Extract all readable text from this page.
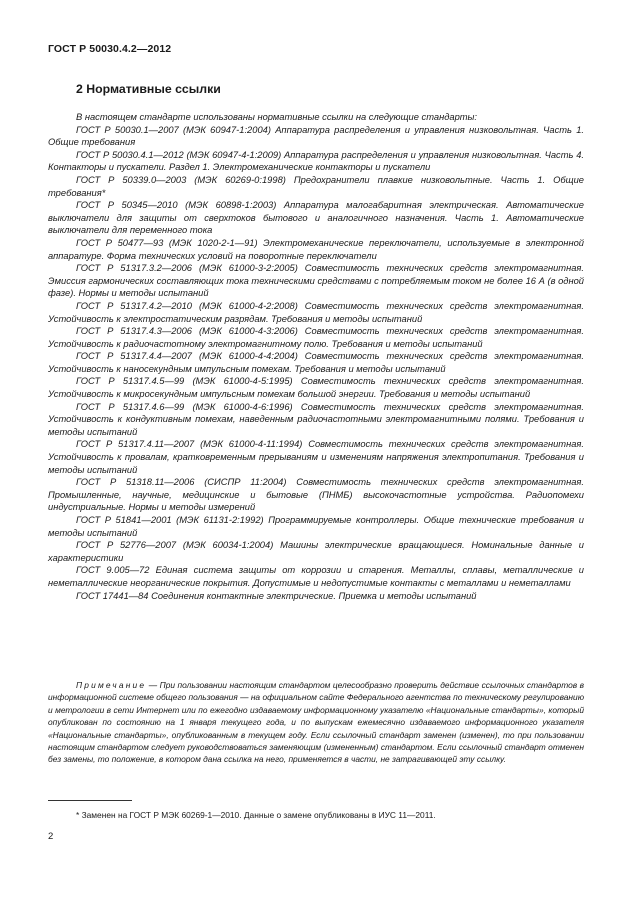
ГОСТ Р 50030.4.2—2012
2 Нормативные ссылки

В настоящем стандарте использованы нормативные ссылки на следующие стандарты:

ГОСТ Р 50030.1—2007 (МЭК 60947-1:2004) Аппаратура распределения и управления низковольтная. Часть 1. Общие требования

ГОСТ Р 50030.4.1—2012 (МЭК 60947-4-1:2009) Аппаратура распределения и управления низковольтная. Часть 4. Контакторы и пускатели. Раздел 1. Электромеханические контакторы и пускатели

ГОСТ Р 50339.0—2003 (МЭК 60269-0:1998) Предохранители плавкие низковольтные. Часть 1. Общие требования*

ГОСТ Р 50345—2010 (МЭК 60898-1:2003) Аппаратура малогабаритная электрическая. Автоматические выключатели для защиты от сверхтоков бытового и аналогичного назначения. Часть 1. Автоматические выключатели для переменного тока

ГОСТ Р 50477—93 (МЭК 1020-2-1—91) Электромеханические переключатели, используемые в электронной аппаратуре. Форма технических условий на поворотные переключатели

ГОСТ Р 51317.3.2—2006 (МЭК 61000-3-2:2005) Совместимость технических средств электромагнитная. Эмиссия гармонических составляющих тока техническими средствами с потребляемым током не более 16 А (в одной фазе). Нормы и методы испытаний

ГОСТ Р 51317.4.2—2010 (МЭК 61000-4-2:2008) Совместимость технических средств электромагнитная. Устойчивость к электростатическим разрядам. Требования и методы испытаний

ГОСТ Р 51317.4.3—2006 (МЭК 61000-4-3:2006) Совместимость технических средств электромагнитная. Устойчивость к радиочастотному электромагнитному полю. Требования и методы испытаний

ГОСТ Р 51317.4.4—2007 (МЭК 61000-4-4:2004) Совместимость технических средств электромагнитная. Устойчивость к наносекундным импульсным помехам. Требования и методы испытаний

ГОСТ Р 51317.4.5—99 (МЭК 61000-4-5:1995) Совместимость технических средств электромагнитная. Устойчивость к микросекундным импульсным помехам большой энергии. Требования и методы испытаний

ГОСТ Р 51317.4.6—99 (МЭК 61000-4-6:1996) Совместимость технических средств электромагнитная. Устойчивость к кондуктивным помехам, наведенным радиочастотными электромагнитными полями. Требования и методы испытаний

ГОСТ Р 51317.4.11—2007 (МЭК 61000-4-11:1994) Совместимость технических средств электромагнитная. Устойчивость к провалам, кратковременным прерываниям и изменениям напряжения электропитания. Требования и методы испытаний

ГОСТ Р 51318.11—2006 (СИСПР 11:2004) Совместимость технических средств электромагнитная. Промышленные, научные, медицинские и бытовые (ПНМБ) высокочастотные устройства. Радиопомехи индустриальные. Нормы и методы измерений

ГОСТ Р 51841—2001 (МЭК 61131-2:1992) Программируемые контроллеры. Общие технические требования и методы испытаний

ГОСТ Р 52776—2007 (МЭК 60034-1:2004) Машины электрические вращающиеся. Номинальные данные и характеристики

ГОСТ 9.005—72 Единая система защиты от коррозии и старения. Металлы, сплавы, металлические и неметаллические неорганические покрытия. Допустимые и недопустимые контакты с металлами и неметаллами

ГОСТ 17441—84 Соединения контактные электрические. Приемка и методы испытаний

Примечание — При пользовании настоящим стандартом целесообразно проверить действие ссылочных стандартов в информационной системе общего пользования — на официальном сайте Федерального агентства по техническому регулированию и метрологии в сети Интернет или по ежегодно издаваемому информационному указателю «Национальные стандарты», который опубликован по состоянию на 1 января текущего года, и по выпускам ежемесячно издаваемого информационного указателя «Национальные стандарты», опубликованным в текущем году. Если ссылочный стандарт заменен (изменен), то при пользовании настоящим стандартом следует руководствоваться заменяющим (измененным) стандартом. Если ссылочный стандарт отменен без замены, то положение, в котором дана ссылка на него, применяется в части, не затрагивающей эту ссылку.

* Заменен на ГОСТ Р МЭК 60269-1—2010. Данные о замене опубликованы в ИУС 11—2011.
2
